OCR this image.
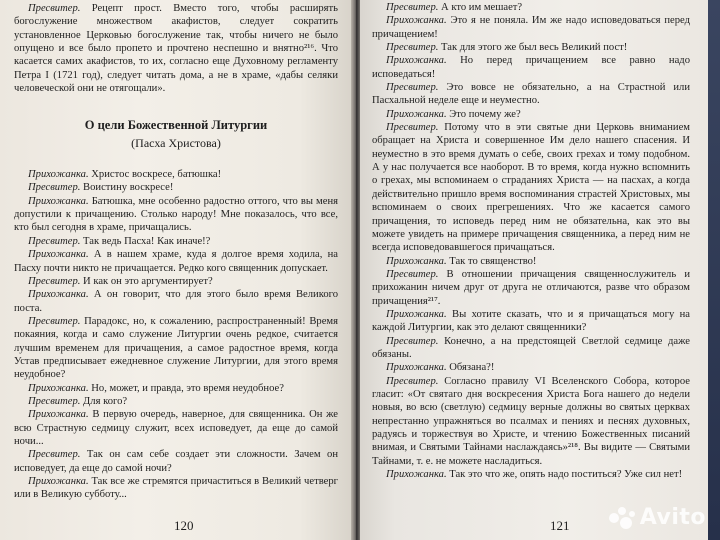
Пресвитер. Рецепт прост. Вместо того, чтобы расширять богослужение множеством акафистов, следует сократить установленное Церковью богослужение так, чтобы ничего не было опущено и все было пропето и прочтено неспешно и внятно²¹⁶. Что касается самих акафистов, то их, согласно еще Духовному регламенту Петра I (1721 год), следует читать дома, а не в храме, «дабы селяки человеческой они не отягощали».
О цели Божественной Литургии
(Пасха Христова)
Прихожанка. Христос воскресе, батюшка!
Пресвитер. Воистину воскресе!
Прихожанка. Батюшка, мне особенно радостно оттого, что вы меня допустили к причащению. Столько народу! Мне показалось, что все, кто был сегодня в храме, причащались.
Пресвитер. Так ведь Пасха! Как иначе!?
Прихожанка. А в нашем храме, куда я долгое время ходила, на Пасху почти никто не причащается. Редко кого священник допускает.
Пресвитер. И как он это аргументирует?
Прихожанка. А он говорит, что для этого было время Великого поста.
Пресвитер. Парадокс, но, к сожалению, распространенный! Время покаяния, когда и само служение Литургии очень редкое, считается лучшим временем для причащения, а самое радостное время, когда Устав предписывает ежедневное служение Литургии, для этого время неудобное?
Прихожанка. Но, может, и правда, это время неудобное?
Пресвитер. Для кого?
Прихожанка. В первую очередь, наверное, для священника. Он же всю Страстную седмицу служит, всех исповедует, да еще до самой ночи...
Пресвитер. Так он сам себе создает эти сложности. Зачем он исповедует, да еще до самой ночи?
Прихожанка. Так все же стремятся причаститься в Великий четверг или в Великую субботу...
120
Пресвитер. А кто им мешает?
Прихожанка. Это я не поняла. Им же надо исповедоваться перед причащением!
Пресвитер. Так для этого же был весь Великий пост!
Прихожанка. Но перед причащением все равно надо исповедаться!
Пресвитер. Это вовсе не обязательно, а на Страстной или Пасхальной неделе еще и неуместно.
Прихожанка. Это почему же?
Пресвитер. Потому что в эти святые дни Церковь вниманием обращает на Христа и совершенное Им дело нашего спасения. И неуместно в это время думать о себе, своих грехах и тому подобном. А у нас получается все наоборот. В то время, когда нужно вспомнить о грехах, мы вспоминаем о страданиях Христа — на пасхах, а когда действительно пришло время воспоминания страстей Христовых, мы вспоминаем о своих прегрешениях. Что же касается самого причащения, то исповедь перед ним не обязательна, как это вы можете увидеть на примере причащения священника, а перед ним не всегда исповедовавшегося причащаться.
Прихожанка. Так то священство!
Пресвитер. В отношении причащения священнослужитель и прихожанин ничем друг от друга не отличаются, разве что образом причащения²¹⁷.
Прихожанка. Вы хотите сказать, что и я причащаться могу на каждой Литургии, как это делают священники?
Пресвитер. Конечно, а на предстоящей Светлой седмице даже обязаны.
Прихожанка. Обязана?!
Пресвитер. Согласно правилу VI Вселенского Собора, которое гласит: «От святаго дня воскресения Христа Бога нашего до недели новыя, во всю (светлую) седмицу верные должны во святых церквах непрестанно упражняться во псалмах и пениях и песнях духовных, радуясь и торжествуя во Христе, и чтению Божественных писаний внимая, и Святыми Тайнами наслаждаясь»²¹⁸. Вы видите — Святыми Тайнами, т. е. не можете насладиться.
Прихожанка. Так это что же, опять надо поститься? Уже сил нет!
121	Avito
